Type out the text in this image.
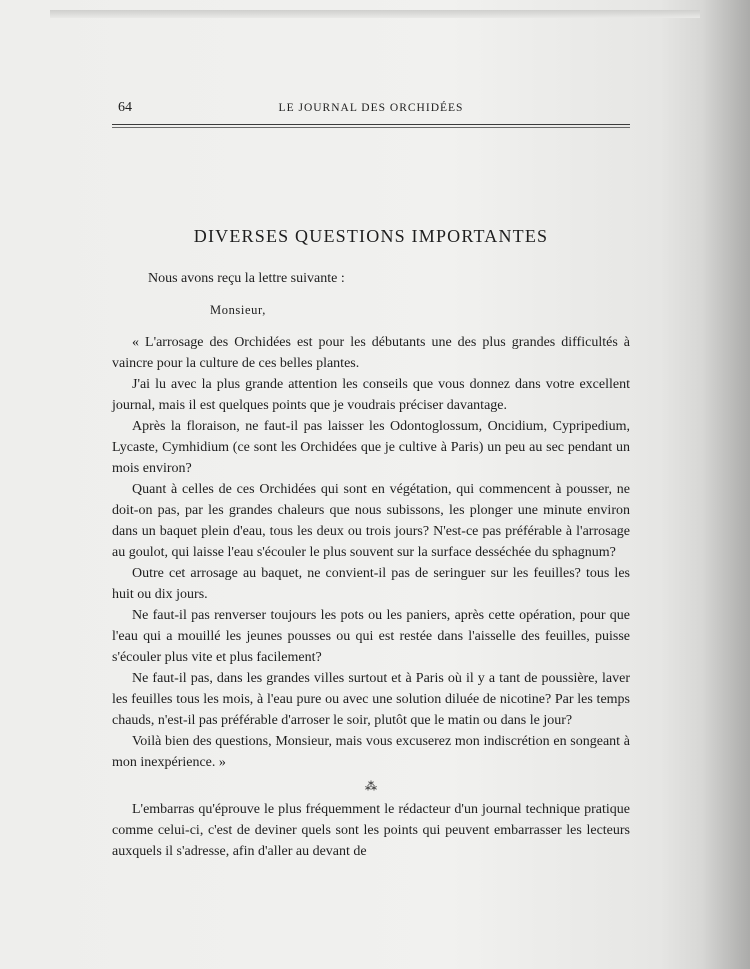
64	LE JOURNAL DES ORCHIDÉES
DIVERSES QUESTIONS IMPORTANTES
Nous avons reçu la lettre suivante :
Monsieur,

« L'arrosage des Orchidées est pour les débutants une des plus grandes difficultés à vaincre pour la culture de ces belles plantes.

J'ai lu avec la plus grande attention les conseils que vous donnez dans votre excellent journal, mais il est quelques points que je voudrais préciser davantage.

Après la floraison, ne faut-il pas laisser les Odontoglossum, Oncidium, Cypripedium, Lycaste, Cymhidium (ce sont les Orchidées que je cultive à Paris) un peu au sec pendant un mois environ?

Quant à celles de ces Orchidées qui sont en végétation, qui commencent à pousser, ne doit-on pas, par les grandes chaleurs que nous subissons, les plonger une minute environ dans un baquet plein d'eau, tous les deux ou trois jours? N'est-ce pas préférable à l'arrosage au goulot, qui laisse l'eau s'écouler le plus souvent sur la surface desséchée du sphagnum?

Outre cet arrosage au baquet, ne convient-il pas de seringuer sur les feuilles? tous les huit ou dix jours.

Ne faut-il pas renverser toujours les pots ou les paniers, après cette opération, pour que l'eau qui a mouillé les jeunes pousses ou qui est restée dans l'aisselle des feuilles, puisse s'écouler plus vite et plus facilement?

Ne faut-il pas, dans les grandes villes surtout et à Paris où il y a tant de poussière, laver les feuilles tous les mois, à l'eau pure ou avec une solution diluée de nicotine? Par les temps chauds, n'est-il pas préférable d'arroser le soir, plutôt que le matin ou dans le jour?

Voilà bien des questions, Monsieur, mais vous excuserez mon indiscrétion en songeant à mon inexpérience. »

⁂

L'embarras qu'éprouve le plus fréquemment le rédacteur d'un journal technique pratique comme celui-ci, c'est de deviner quels sont les points qui peuvent embarrasser les lecteurs auxquels il s'adresse, afin d'aller au devant de
